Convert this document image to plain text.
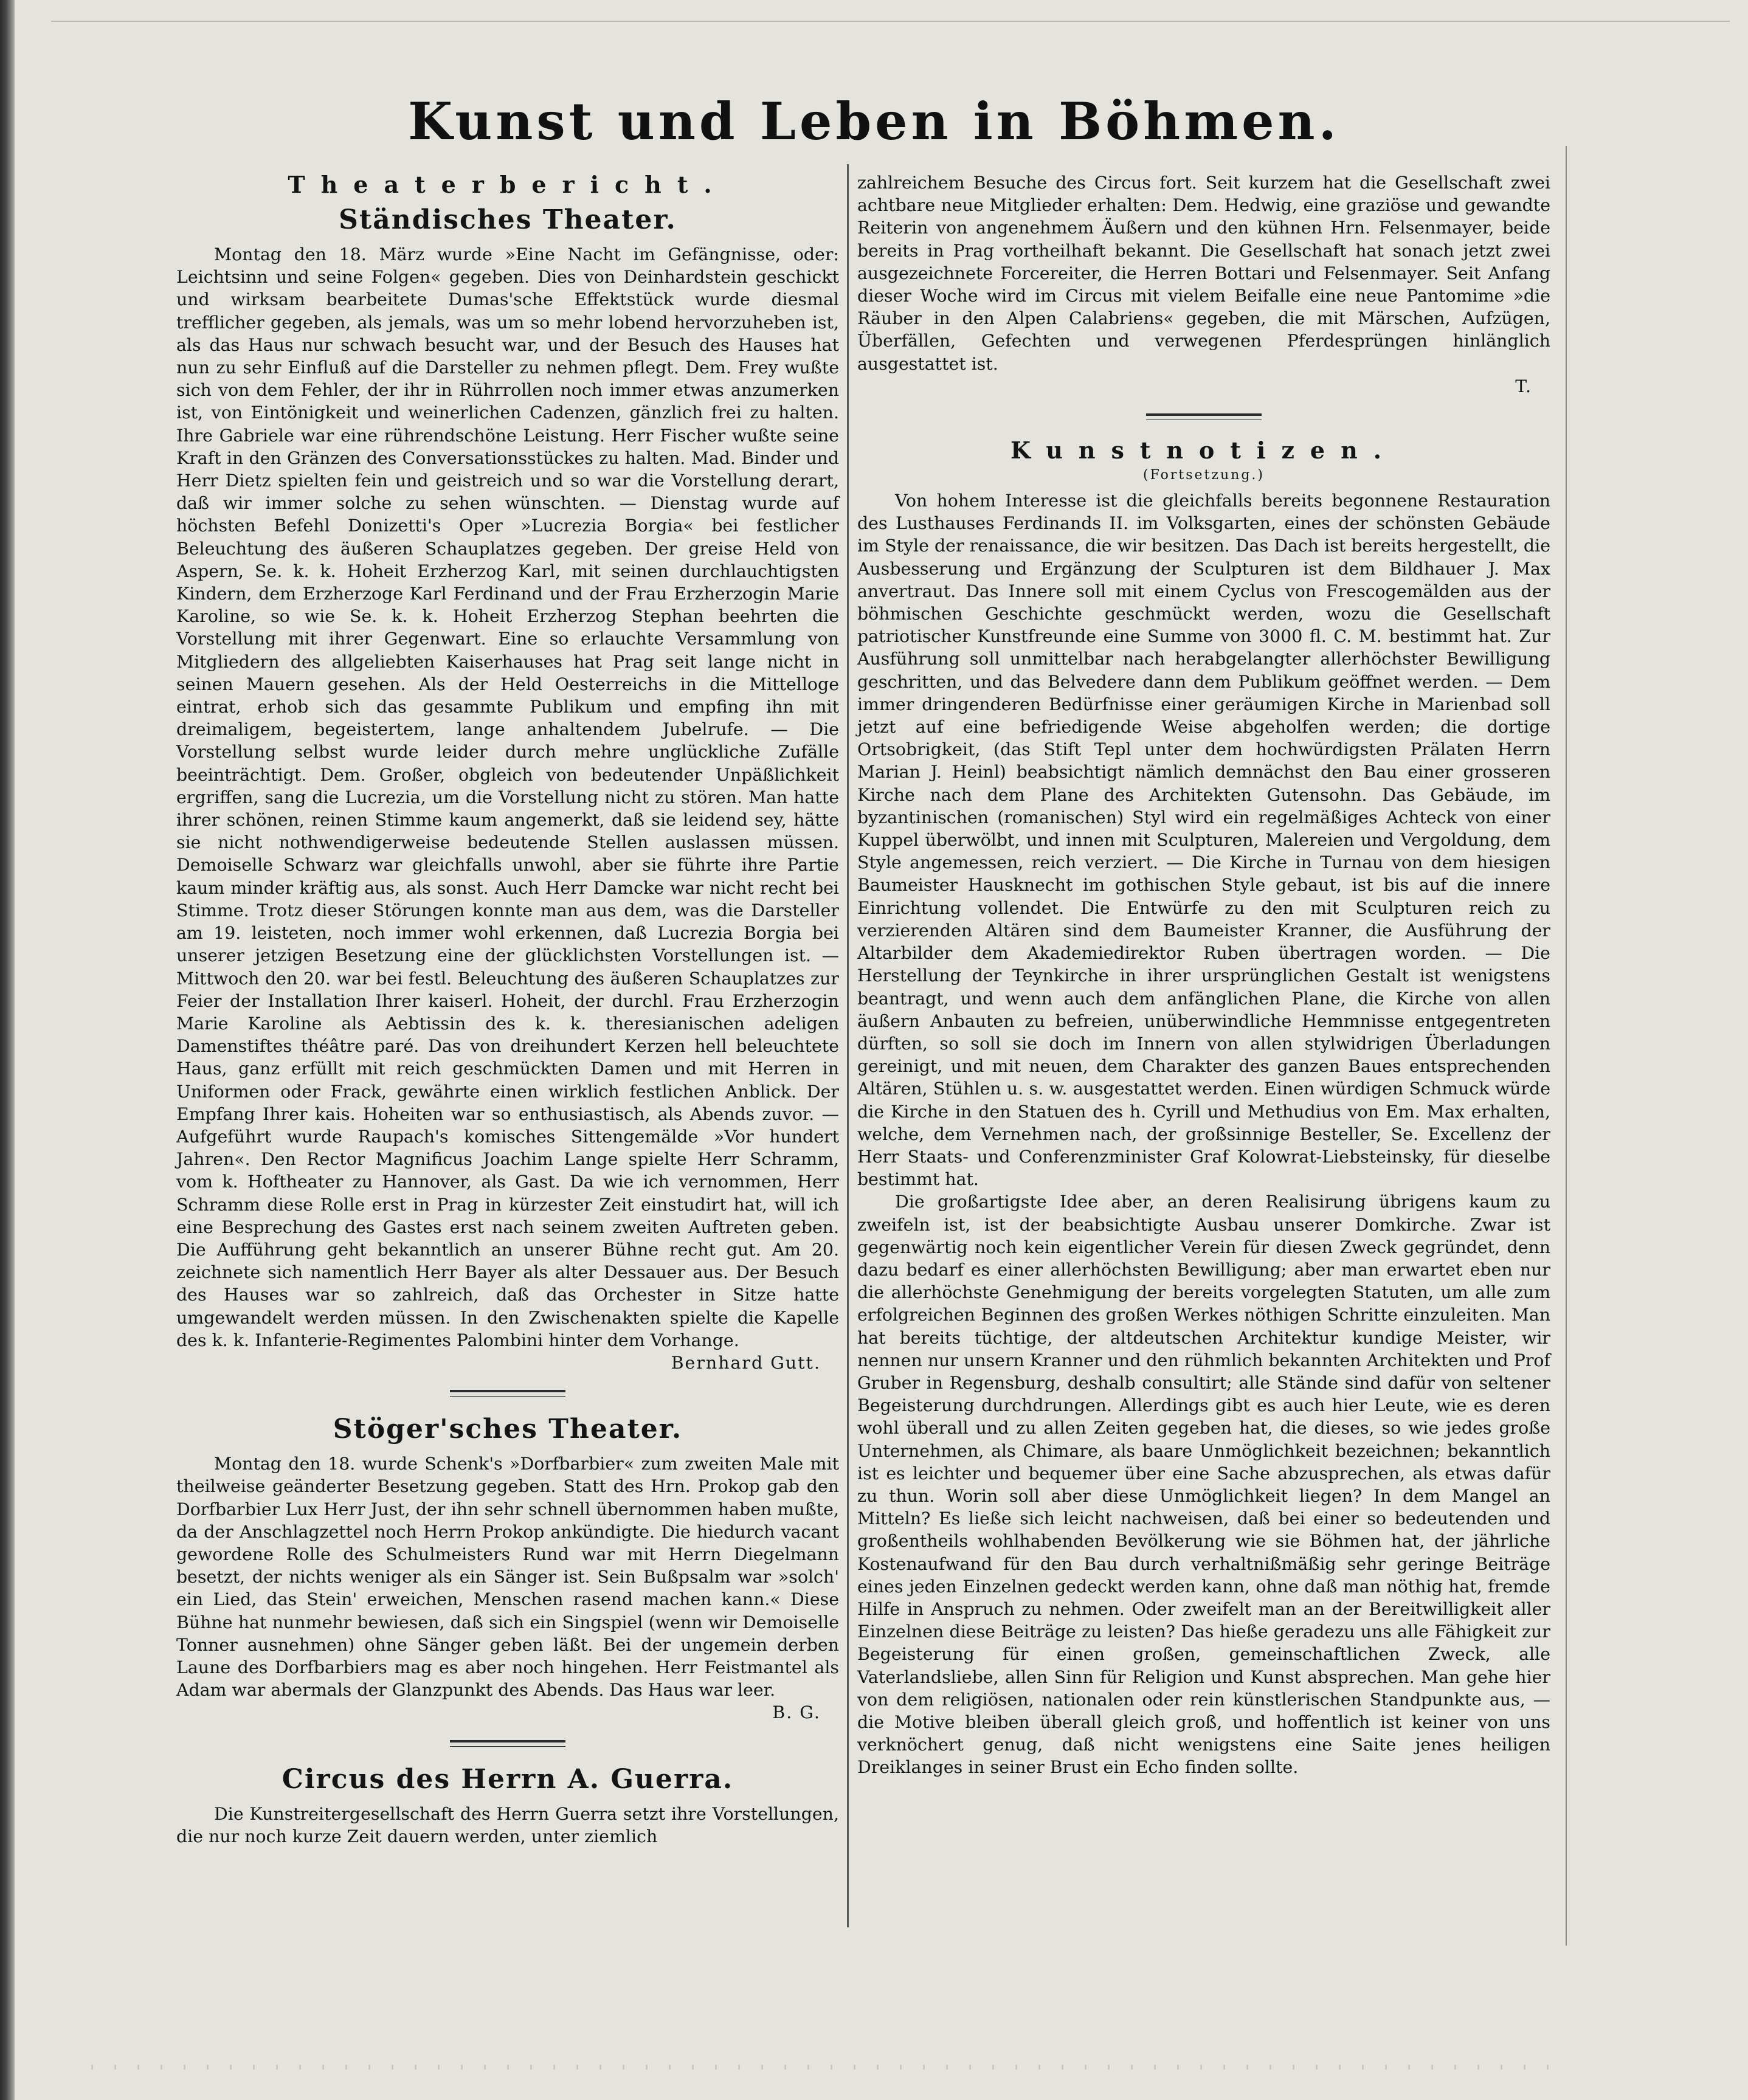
Kunst und Leben in Böhmen.
Theaterbericht.
Ständisches Theater.

Montag den 18. März wurde »Eine Nacht im Gefängnisse, oder: Leichtsinn und seine Folgen« gegeben. Dies von Deinhardstein geschickt und wirksam bearbeitete Dumas'sche Effektstück wurde diesmal trefflicher gegeben, als jemals, was um so mehr lobend hervorzuheben ist, als das Haus nur schwach besucht war, und der Besuch des Hauses hat nun zu sehr Einfluß auf die Darsteller zu nehmen pflegt. Dem. Frey wußte sich von dem Fehler, der ihr in Rührrollen noch immer etwas anzumerken ist, von Eintönigkeit und weinerlichen Cadenzen, gänzlich frei zu halten. Ihre Gabriele war eine rührendschöne Leistung. Herr Fischer wußte seine Kraft in den Gränzen des Conversationsstückes zu halten. Mad. Binder und Herr Dietz spielten fein und geistreich und so war die Vorstellung derart, daß wir immer solche zu sehen wünschten. — Dienstag wurde auf höchsten Befehl Donizetti's Oper »Lucrezia Borgia« bei festlicher Beleuchtung des äußeren Schauplatzes gegeben. Der greise Held von Aspern, Se. k. k. Hoheit Erzherzog Karl, mit seinen durchlauchtigsten Kindern, dem Erzherzoge Karl Ferdinand und der Frau Erzherzogin Marie Karoline, so wie Se. k. k. Hoheit Erzherzog Stephan beehrten die Vorstellung mit ihrer Gegenwart. Eine so erlauchte Versammlung von Mitgliedern des allgeliebten Kaiserhauses hat Prag seit lange nicht in seinen Mauern gesehen. Als der Held Oesterreichs in die Mittelloge eintrat, erhob sich das gesammte Publikum und empfing ihn mit dreimaligem, begeistertem, lange anhaltendem Jubelrufe. — Die Vorstellung selbst wurde leider durch mehre unglückliche Zufälle beeinträchtigt. Dem. Großer, obgleich von bedeutender Unpäßlichkeit ergriffen, sang die Lucrezia, um die Vorstellung nicht zu stören. Man hatte ihrer schönen, reinen Stimme kaum angemerkt, daß sie leidend sey, hätte sie nicht nothwendigerweise bedeutende Stellen auslassen müssen. Demoiselle Schwarz war gleichfalls unwohl, aber sie führte ihre Partie kaum minder kräftig aus, als sonst. Auch Herr Damcke war nicht recht bei Stimme. Trotz dieser Störungen konnte man aus dem, was die Darsteller am 19. leisteten, noch immer wohl erkennen, daß Lucrezia Borgia bei unserer jetzigen Besetzung eine der glücklichsten Vorstellungen ist. — Mittwoch den 20. war bei festl. Beleuchtung des äußeren Schauplatzes zur Feier der Installation Ihrer kaiserl. Hoheit, der durchl. Frau Erzherzogin Marie Karoline als Aebtissin des k. k. theresianischen adeligen Damenstiftes théâtre paré. Das von dreihundert Kerzen hell beleuchtete Haus, ganz erfüllt mit reich geschmückten Damen und mit Herren in Uniformen oder Frack, gewährte einen wirklich festlichen Anblick. Der Empfang Ihrer kais. Hoheiten war so enthusiastisch, als Abends zuvor. — Aufgeführt wurde Raupach's komisches Sittengemälde »Vor hundert Jahren«. Den Rector Magnificus Joachim Lange spielte Herr Schramm, vom k. Hoftheater zu Hannover, als Gast. Da wie ich vernommen, Herr Schramm diese Rolle erst in Prag in kürzester Zeit einstudirt hat, will ich eine Besprechung des Gastes erst nach seinem zweiten Auftreten geben. Die Aufführung geht bekanntlich an unserer Bühne recht gut. Am 20. zeichnete sich namentlich Herr Bayer als alter Dessauer aus. Der Besuch des Hauses war so zahlreich, daß das Orchester in Sitze hatte umgewandelt werden müssen. In den Zwischenakten spielte die Kapelle des k. k. Infanterie-Regimentes Palombini hinter dem Vorhange.

Bernhard Gutt.
Stöger'sches Theater.

Montag den 18. wurde Schenk's »Dorfbarbier« zum zweiten Male mit theilweise geänderter Besetzung gegeben. Statt des Hrn. Prokop gab den Dorfbarbier Lux Herr Just, der ihn sehr schnell übernommen haben mußte, da der Anschlagzettel noch Herrn Prokop ankündigte. Die hiedurch vacant gewordene Rolle des Schulmeisters Rund war mit Herrn Diegelmann besetzt, der nichts weniger als ein Sänger ist. Sein Bußpsalm war »solch' ein Lied, das Stein' erweichen, Menschen rasend machen kann.« Diese Bühne hat nunmehr bewiesen, daß sich ein Singspiel (wenn wir Demoiselle Tonner ausnehmen) ohne Sänger geben läßt. Bei der ungemein derben Laune des Dorfbarbiers mag es aber noch hingehen. Herr Feistmantel als Adam war abermals der Glanzpunkt des Abends. Das Haus war leer.

B. G.
Circus des Herrn A. Guerra.

Die Kunstreitergesellschaft des Herrn Guerra setzt ihre Vorstellungen, die nur noch kurze Zeit dauern werden, unter ziemlich

zahlreichem Besuche des Circus fort. Seit kurzem hat die Gesellschaft zwei achtbare neue Mitglieder erhalten: Dem. Hedwig, eine graziöse und gewandte Reiterin von angenehmem Äußern und den kühnen Hrn. Felsenmayer, beide bereits in Prag vortheilhaft bekannt. Die Gesellschaft hat sonach jetzt zwei ausgezeichnete Forcereiter, die Herren Bottari und Felsenmayer. Seit Anfang dieser Woche wird im Circus mit vielem Beifalle eine neue Pantomime »die Räuber in den Alpen Calabriens« gegeben, die mit Märschen, Aufzügen, Überfällen, Gefechten und verwegenen Pferdesprüngen hinlänglich ausgestattet ist.

T.
Kunstnotizen.
(Fortsetzung.)

Von hohem Interesse ist die gleichfalls bereits begonnene Restauration des Lusthauses Ferdinands II. im Volksgarten, eines der schönsten Gebäude im Style der renaissance, die wir besitzen. Das Dach ist bereits hergestellt, die Ausbesserung und Ergänzung der Sculpturen ist dem Bildhauer J. Max anvertraut. Das Innere soll mit einem Cyclus von Frescogemälden aus der böhmischen Geschichte geschmückt werden, wozu die Gesellschaft patriotischer Kunstfreunde eine Summe von 3000 fl. C. M. bestimmt hat. Zur Ausführung soll unmittelbar nach herabgelangter allerhöchster Bewilligung geschritten, und das Belvedere dann dem Publikum geöffnet werden. — Dem immer dringenderen Bedürfnisse einer geräumigen Kirche in Marienbad soll jetzt auf eine befriedigende Weise abgeholfen werden; die dortige Ortsobrigkeit, (das Stift Tepl unter dem hochwürdigsten Prälaten Herrn Marian J. Heinl) beabsichtigt nämlich demnächst den Bau einer grosseren Kirche nach dem Plane des Architekten Gutensohn. Das Gebäude, im byzantinischen (romanischen) Styl wird ein regelmäßiges Achteck von einer Kuppel überwölbt, und innen mit Sculpturen, Malereien und Vergoldung, dem Style angemessen, reich verziert. — Die Kirche in Turnau von dem hiesigen Baumeister Hausknecht im gothischen Style gebaut, ist bis auf die innere Einrichtung vollendet. Die Entwürfe zu den mit Sculpturen reich zu verzierenden Altären sind dem Baumeister Kranner, die Ausführung der Altarbilder dem Akademiedirektor Ruben übertragen worden. — Die Herstellung der Teynkirche in ihrer ursprünglichen Gestalt ist wenigstens beantragt, und wenn auch dem anfänglichen Plane, die Kirche von allen äußern Anbauten zu befreien, unüberwindliche Hemmnisse entgegentreten dürften, so soll sie doch im Innern von allen stylwidrigen Überladungen gereinigt, und mit neuen, dem Charakter des ganzen Baues entsprechenden Altären, Stühlen u. s. w. ausgestattet werden. Einen würdigen Schmuck würde die Kirche in den Statuen des h. Cyrill und Methudius von Em. Max erhalten, welche, dem Vernehmen nach, der großsinnige Besteller, Se. Excellenz der Herr Staats- und Conferenzminister Graf Kolowrat-Liebsteinsky, für dieselbe bestimmt hat.

Die großartigste Idee aber, an deren Realisirung übrigens kaum zu zweifeln ist, ist der beabsichtigte Ausbau unserer Domkirche. Zwar ist gegenwärtig noch kein eigentlicher Verein für diesen Zweck gegründet, denn dazu bedarf es einer allerhöchsten Bewilligung; aber man erwartet eben nur die allerhöchste Genehmigung der bereits vorgelegten Statuten, um alle zum erfolgreichen Beginnen des großen Werkes nöthigen Schritte einzuleiten. Man hat bereits tüchtige, der altdeutschen Architektur kundige Meister, wir nennen nur unsern Kranner und den rühmlich bekannten Architekten und Prof Gruber in Regensburg, deshalb consultirt; alle Stände sind dafür von seltener Begeisterung durchdrungen. Allerdings gibt es auch hier Leute, wie es deren wohl überall und zu allen Zeiten gegeben hat, die dieses, so wie jedes große Unternehmen, als Chimare, als baare Unmöglichkeit bezeichnen; bekanntlich ist es leichter und bequemer über eine Sache abzusprechen, als etwas dafür zu thun. Worin soll aber diese Unmöglichkeit liegen? In dem Mangel an Mitteln? Es ließe sich leicht nachweisen, daß bei einer so bedeutenden und großentheils wohlhabenden Bevölkerung wie sie Böhmen hat, der jährliche Kostenaufwand für den Bau durch verhaltnißmäßig sehr geringe Beiträge eines jeden Einzelnen gedeckt werden kann, ohne daß man nöthig hat, fremde Hilfe in Anspruch zu nehmen. Oder zweifelt man an der Bereitwilligkeit aller Einzelnen diese Beiträge zu leisten? Das hieße geradezu uns alle Fähigkeit zur Begeisterung für einen großen, gemeinschaftlichen Zweck, alle Vaterlandsliebe, allen Sinn für Religion und Kunst absprechen. Man gehe hier von dem religiösen, nationalen oder rein künstlerischen Standpunkte aus, — die Motive bleiben überall gleich groß, und hoffentlich ist keiner von uns verknöchert genug, daß nicht wenigstens eine Saite jenes heiligen Dreiklanges in seiner Brust ein Echo finden sollte.
